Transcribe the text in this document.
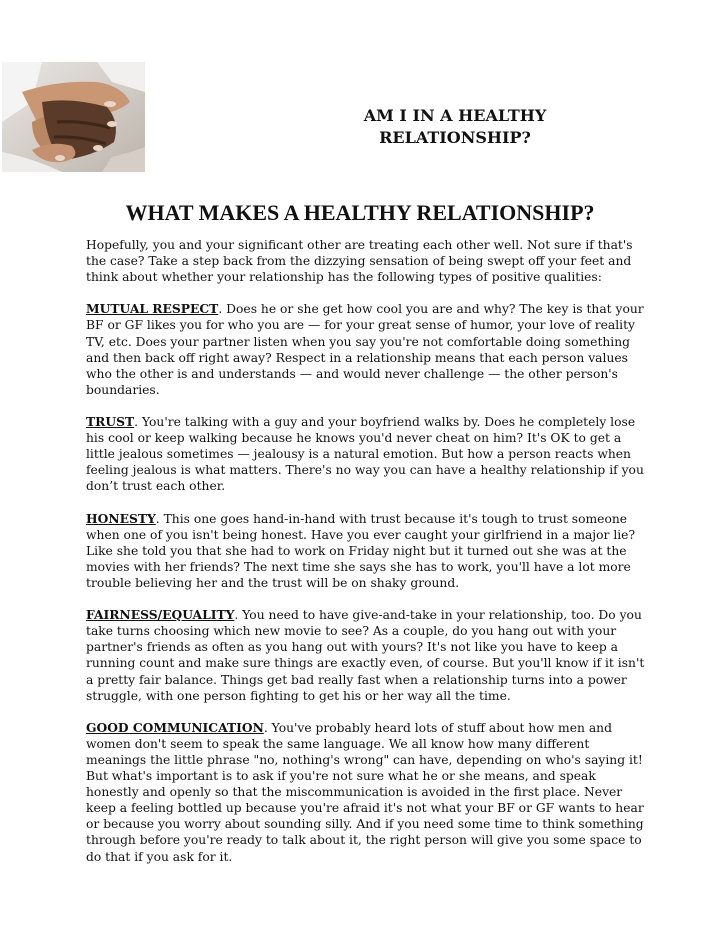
AM I IN A HEALTHY
RELATIONSHIP?
WHAT MAKES A HEALTHY RELATIONSHIP?

Hopefully, you and your significant other are treating each other well. Not sure if that's the case? Take a step back from the dizzying sensation of being swept off your feet and think about whether your relationship has the following types of positive qualities:

MUTUAL RESPECT. Does he or she get how cool you are and why? The key is that your BF or GF likes you for who you are — for your great sense of humor, your love of reality TV, etc. Does your partner listen when you say you're not comfortable doing something and then back off right away? Respect in a relationship means that each person values who the other is and understands — and would never challenge — the other person's boundaries.

TRUST. You're talking with a guy and your boyfriend walks by. Does he completely lose his cool or keep walking because he knows you'd never cheat on him? It's OK to get a little jealous sometimes — jealousy is a natural emotion. But how a person reacts when feeling jealous is what matters. There's no way you can have a healthy relationship if you don’t trust each other.

HONESTY. This one goes hand-in-hand with trust because it's tough to trust someone when one of you isn't being honest. Have you ever caught your girlfriend in a major lie? Like she told you that she had to work on Friday night but it turned out she was at the movies with her friends? The next time she says she has to work, you'll have a lot more trouble believing her and the trust will be on shaky ground.

FAIRNESS/EQUALITY. You need to have give-and-take in your relationship, too. Do you take turns choosing which new movie to see? As a couple, do you hang out with your partner's friends as often as you hang out with yours? It's not like you have to keep a running count and make sure things are exactly even, of course. But you'll know if it isn't a pretty fair balance. Things get bad really fast when a relationship turns into a power struggle, with one person fighting to get his or her way all the time.

GOOD COMMUNICATION. You've probably heard lots of stuff about how men and women don't seem to speak the same language. We all know how many different meanings the little phrase "no, nothing's wrong" can have, depending on who's saying it! But what's important is to ask if you're not sure what he or she means, and speak honestly and openly so that the miscommunication is avoided in the first place. Never keep a feeling bottled up because you're afraid it's not what your BF or GF wants to hear or because you worry about sounding silly. And if you need some time to think something through before you're ready to talk about it, the right person will give you some space to do that if you ask for it.
